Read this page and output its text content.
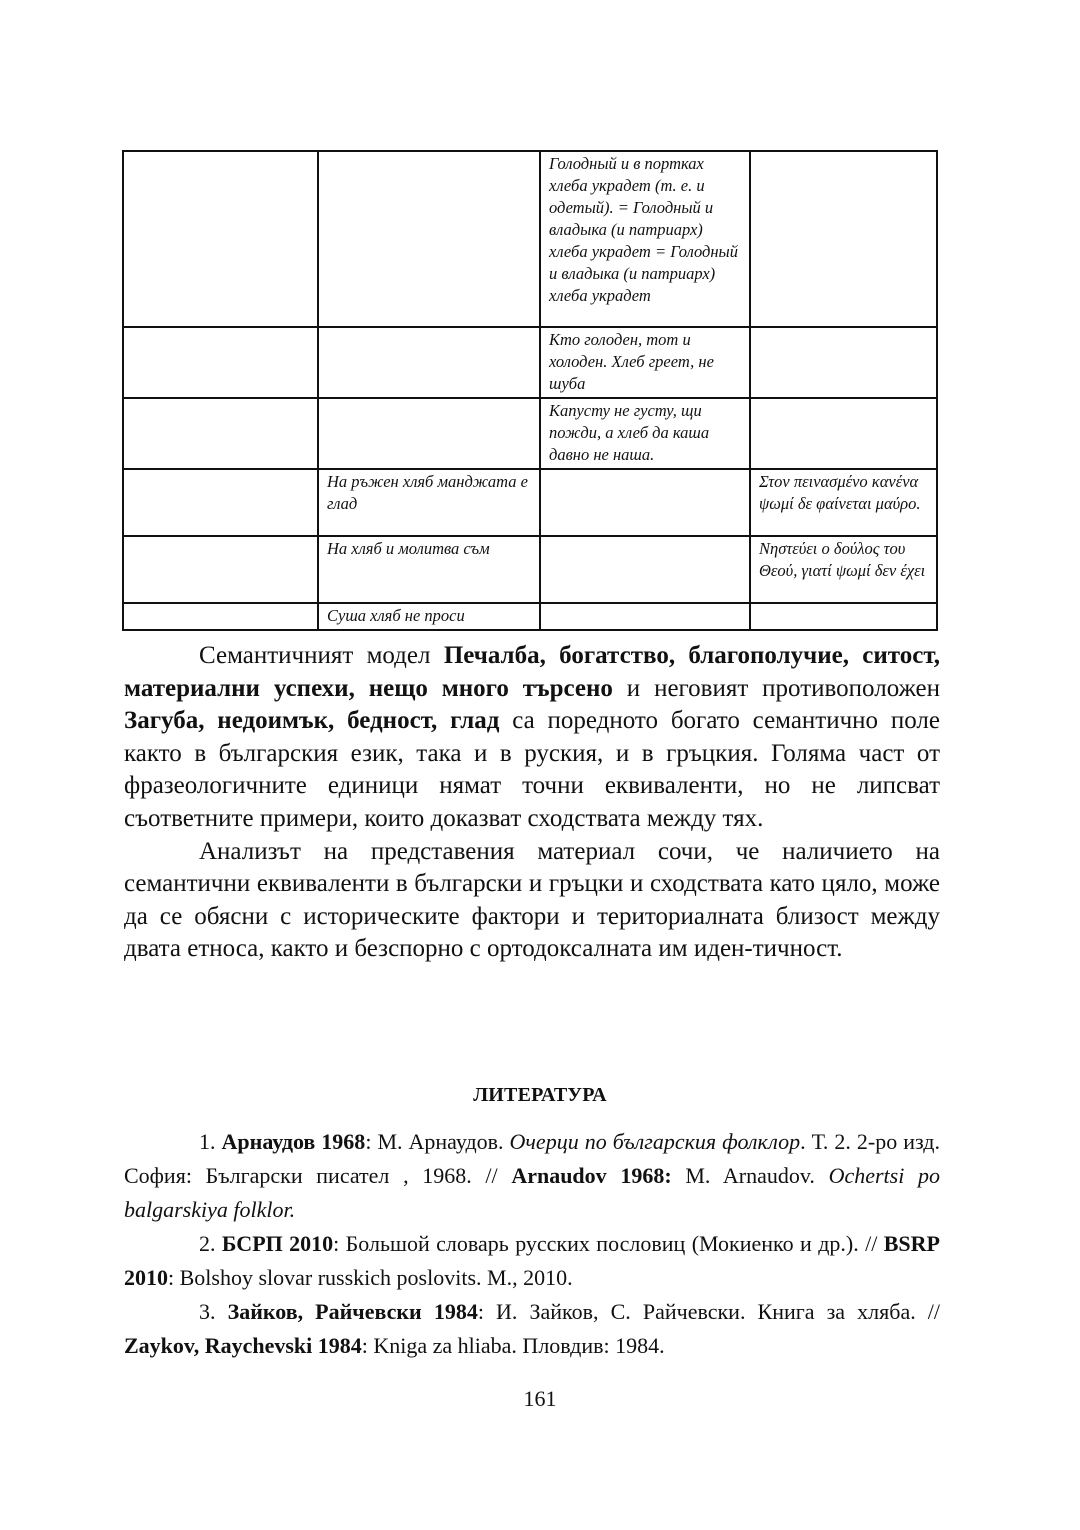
		Голодный и в портках хлеба украдет (т. е. и одетый). = Голодный и владыка (и патриарх) хлеба украдет = Голодный и владыка (и патриарх) хлеба украдет	
		Кто голоден, тот и холоден. Хлеб греет, не шуба	
		Капусту не густу, щи пожди, а хлеб да каша давно не наша.	
	На ръжен хляб манджата е глад		Στον πεινασμένο κανένα ψωμί δε φαίνεται μαύρο.
	На хляб и молитва съм		Νηστεύει ο δούλος του Θεού, γιατί ψωμί δεν έχει
	Суша хляб не проси		

Семантичният модел Печалба, богатство, благополучие, ситост, материални успехи, нещо много търсено и неговият противоположен Загуба, недоимък, бедност, глад са поредното богато семантично поле както в българския език, така и в руския, и в гръцкия. Голяма част от фразеологичните единици нямат точни еквиваленти, но не липсват съответните примери, които доказват сходствата между тях.

Анализът на представения материал сочи, че наличието на семантични еквиваленти в български и гръцки и сходствата като цяло, може да се обясни с историческите фактори и териториалната близост между двата етноса, както и безспорно с ортодоксалната им иден-тичност.

ЛИТЕРАТУРА

1. Арнаудов 1968: М. Арнаудов. Очерци по българския фолклор. Т. 2. 2-ро изд. София: Български писател , 1968. // Arnaudov 1968: M. Arnaudov. Ochertsi po balgarskiya folklor.

2. БСРП 2010: Большой словарь русских пословиц (Мокиенко и др.). // BSRP 2010: Bolshoy slovar russkich poslovits. М., 2010.

3. Зайков, Райчевски 1984: И. Зайков, С. Райчевски. Книга за хляба. // Zaykov, Raychevski 1984: Kniga za hliaba. Пловдив: 1984.

161
